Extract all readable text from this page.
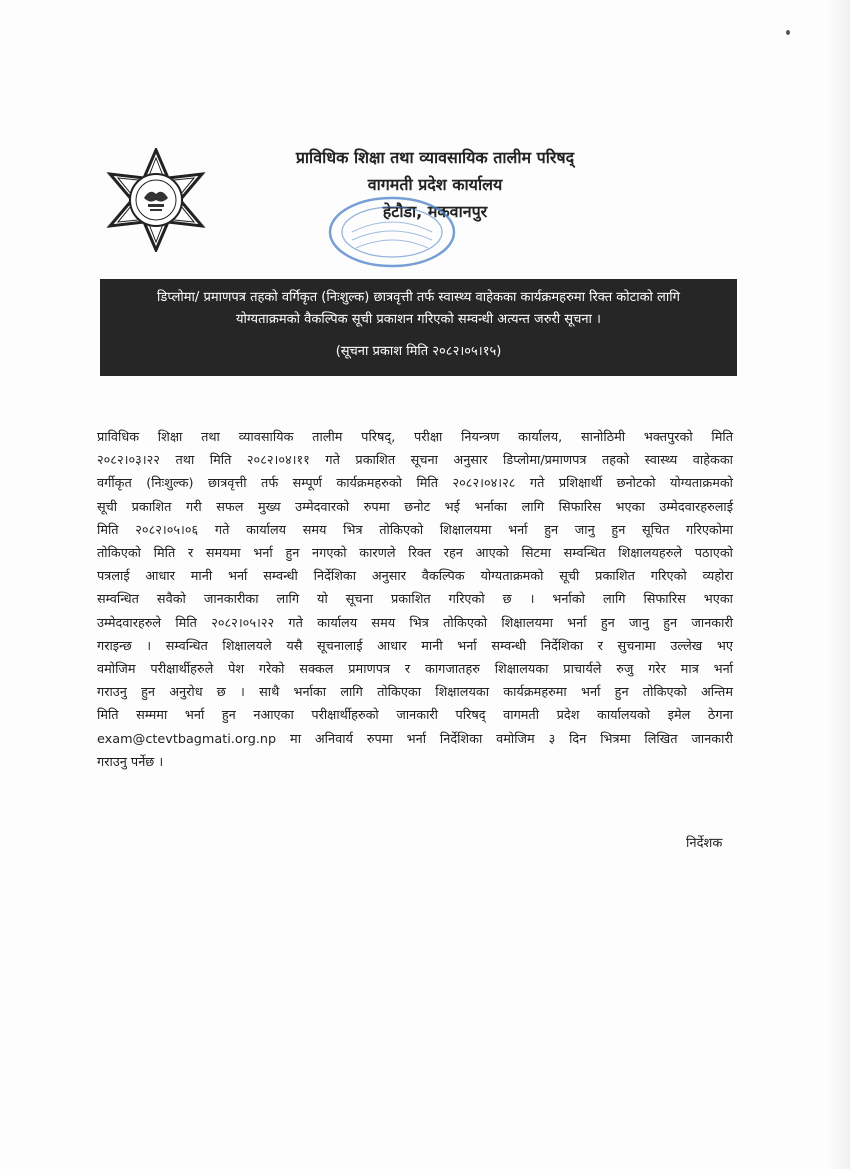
प्राविधिक शिक्षा तथा व्यावसायिक तालीम परिषद्
वागमती प्रदेश कार्यालय
हेटौडा, मकवानपुर
डिप्लोमा/ प्रमाणपत्र तहको वर्गिकृत (निःशुल्क) छात्रवृत्ती तर्फ स्वास्थ्य वाहेकका कार्यक्रमहरुमा रिक्त कोटाको लागि
योग्यताक्रमको वैकल्पिक सूची प्रकाशन गरिएको सम्वन्धी अत्यन्त जरुरी सूचना ।
(सूचना प्रकाश मिति २०८२।०५।१५)

प्राविधिक शिक्षा तथा व्यावसायिक तालीम परिषद्, परीक्षा नियन्त्रण कार्यालय, सानोठिमी भक्तपुरको मिति

२०८२।०३।२२ तथा मिति २०८२।०४।११ गते प्रकाशित सूचना अनुसार डिप्लोमा/प्रमाणपत्र तहको स्वास्थ्य वाहेकका

वर्गीकृत (निःशुल्क) छात्रवृत्ती तर्फ सम्पूर्ण कार्यक्रमहरुको मिति २०८२।०४।२८ गते प्रशिक्षार्थी छनोटको योग्यताक्रमको

सूची प्रकाशित गरी सफल मुख्य उम्मेदवारको रुपमा छनोट भई भर्नाका लागि सिफारिस भएका उम्मेदवारहरुलाई

मिति २०८२।०५।०६ गते कार्यालय समय भित्र तोकिएको शिक्षालयमा भर्ना हुन जानु हुन सूचित गरिएकोमा

तोकिएको मिति र समयमा भर्ना हुन नगएको कारणले रिक्त रहन आएको सिटमा सम्वन्धित शिक्षालयहरुले पठाएको

पत्रलाई आधार मानी भर्ना सम्वन्धी निर्देशिका अनुसार वैकल्पिक योग्यताक्रमको सूची प्रकाशित गरिएको व्यहोरा

सम्वन्धित सवैको जानकारीका लागि यो सूचना प्रकाशित गरिएको छ । भर्नाको लागि सिफारिस भएका

उम्मेदवारहरुले मिति २०८२।०५।२२ गते कार्यालय समय भित्र तोकिएको शिक्षालयमा भर्ना हुन जानु हुन जानकारी

गराइन्छ । सम्वन्धित शिक्षालयले यसै सूचनालाई आधार मानी भर्ना सम्वन्धी निर्देशिका र सुचनामा उल्लेख भए

वमोजिम परीक्षार्थीहरुले पेश गरेको सक्कल प्रमाणपत्र र कागजातहरु शिक्षालयका प्राचार्यले रुजु गरेर मात्र भर्ना

गराउनु हुन अनुरोध छ । साथै भर्नाका लागि तोकिएका शिक्षालयका कार्यक्रमहरुमा भर्ना हुन तोकिएको अन्तिम

मिति सम्ममा भर्ना हुन नआएका परीक्षार्थीहरुको जानकारी परिषद् वागमती प्रदेश कार्यालयको इमेल ठेगना

exam@ctevtbagmati.org.np मा अनिवार्य रुपमा भर्ना निर्देशिका वमोजिम ३ दिन भित्रमा लिखित जानकारी

गराउनु पर्नेछ ।

निर्देशक
